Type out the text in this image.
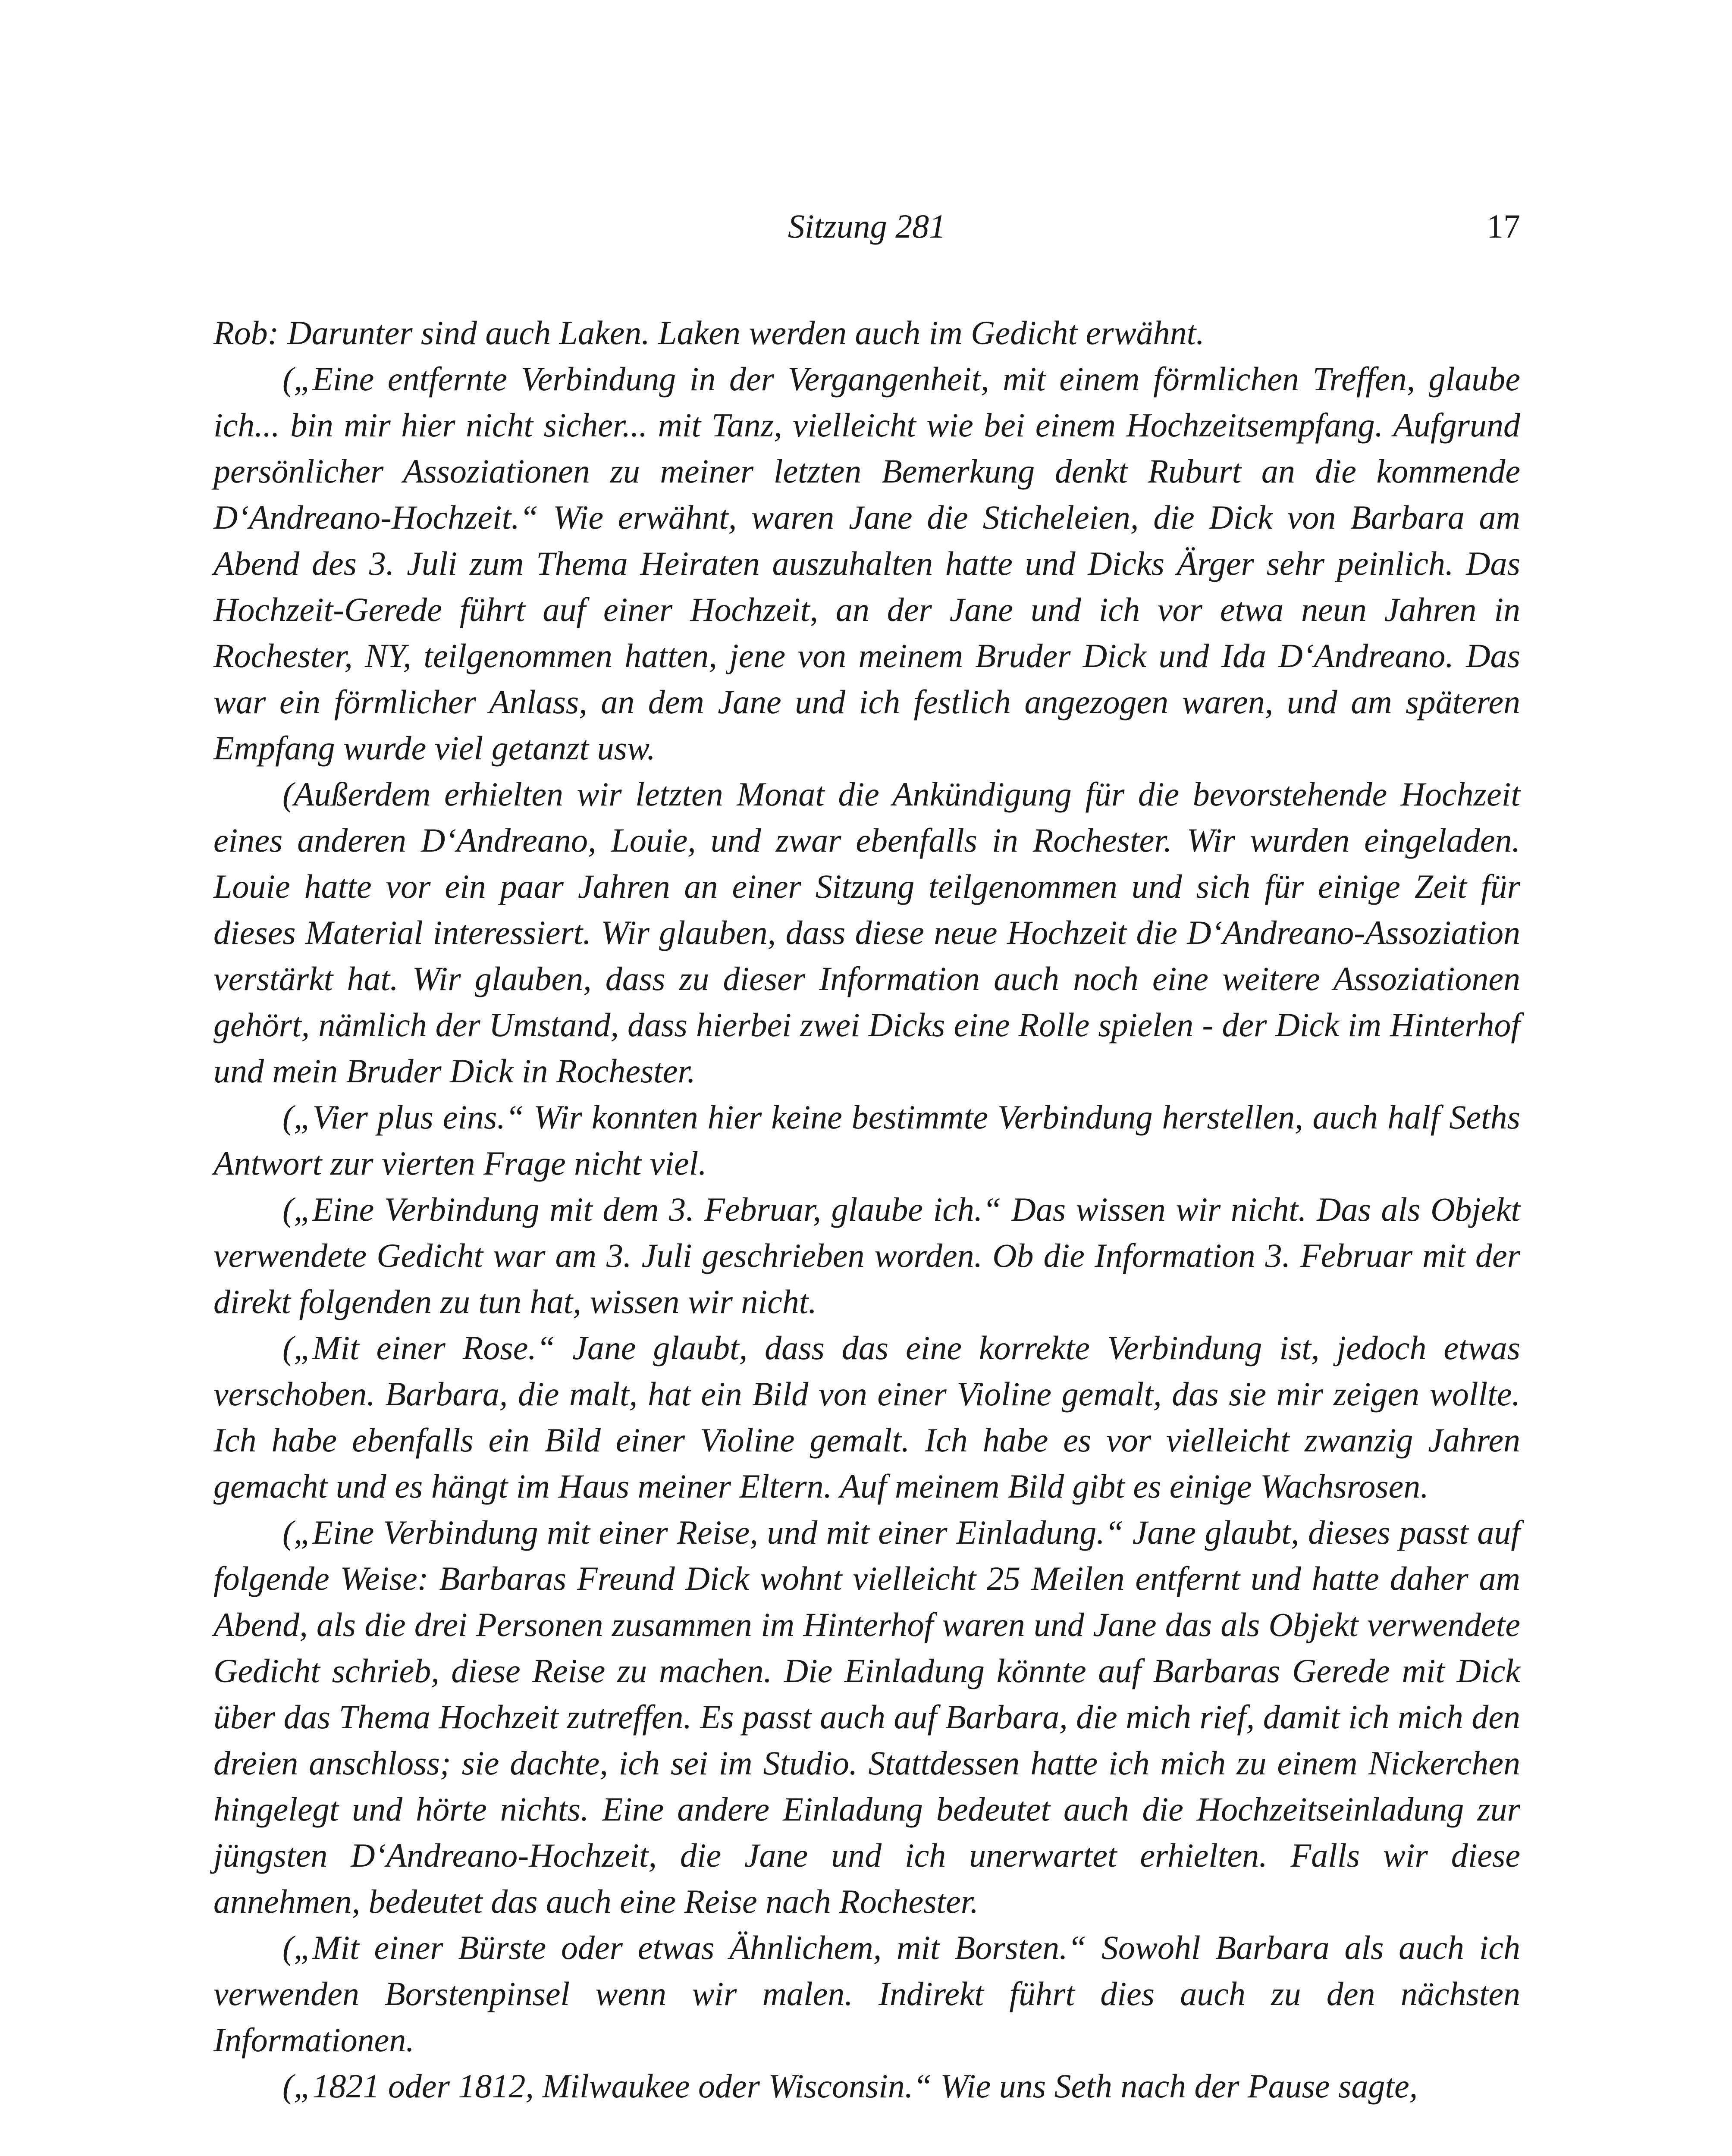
Sitzung 281	17

Rob: Darunter sind auch Laken. Laken werden auch im Gedicht erwähnt.

(„Eine entfernte Verbindung in der Vergangenheit, mit einem förmlichen Treffen, glaube ich... bin mir hier nicht sicher... mit Tanz, vielleicht wie bei einem Hochzeitsempfang. Aufgrund persönlicher Assoziationen zu meiner letzten Bemerkung denkt Ruburt an die kommende D‘Andreano-Hochzeit.“ Wie erwähnt, waren Jane die Sticheleien, die Dick von Barbara am Abend des 3. Juli zum Thema Heiraten auszuhalten hatte und Dicks Ärger sehr peinlich. Das Hochzeit-Gerede führt auf einer Hochzeit, an der Jane und ich vor etwa neun Jahren in Rochester, NY, teilgenommen hatten, jene von meinem Bruder Dick und Ida D‘Andreano. Das war ein förmlicher Anlass, an dem Jane und ich festlich angezogen waren, und am späteren Empfang wurde viel getanzt usw.

(Außerdem erhielten wir letzten Monat die Ankündigung für die bevorstehende Hochzeit eines anderen D‘Andreano, Louie, und zwar ebenfalls in Rochester. Wir wurden eingeladen. Louie hatte vor ein paar Jahren an einer Sitzung teilgenommen und sich für einige Zeit für dieses Material interessiert. Wir glauben, dass diese neue Hochzeit die D‘Andreano-Assoziation verstärkt hat. Wir glauben, dass zu dieser Information auch noch eine weitere Assoziationen gehört, nämlich der Umstand, dass hierbei zwei Dicks eine Rolle spielen - der Dick im Hinterhof und mein Bruder Dick in Rochester.

(„Vier plus eins.“ Wir konnten hier keine bestimmte Verbindung herstellen, auch half Seths Antwort zur vierten Frage nicht viel.

(„Eine Verbindung mit dem 3. Februar, glaube ich.“ Das wissen wir nicht. Das als Objekt verwendete Gedicht war am 3. Juli geschrieben worden. Ob die Information 3. Februar mit der direkt folgenden zu tun hat, wissen wir nicht.

(„Mit einer Rose.“ Jane glaubt, dass das eine korrekte Verbindung ist, jedoch etwas verschoben. Barbara, die malt, hat ein Bild von einer Violine gemalt, das sie mir zeigen wollte. Ich habe ebenfalls ein Bild einer Violine gemalt. Ich habe es vor vielleicht zwanzig Jahren gemacht und es hängt im Haus meiner Eltern. Auf meinem Bild gibt es einige Wachsrosen.

(„Eine Verbindung mit einer Reise, und mit einer Einladung.“ Jane glaubt, dieses passt auf folgende Weise: Barbaras Freund Dick wohnt vielleicht 25 Meilen entfernt und hatte daher am Abend, als die drei Personen zusammen im Hinterhof waren und Jane das als Objekt verwendete Gedicht schrieb, diese Reise zu machen. Die Einladung könnte auf Barbaras Gerede mit Dick über das Thema Hochzeit zutreffen. Es passt auch auf Barbara, die mich rief, damit ich mich den dreien anschloss; sie dachte, ich sei im Studio. Stattdessen hatte ich mich zu einem Nickerchen hingelegt und hörte nichts. Eine andere Einladung bedeutet auch die Hochzeitseinladung zur jüngsten D‘Andreano-Hochzeit, die Jane und ich unerwartet erhielten. Falls wir diese annehmen, bedeutet das auch eine Reise nach Rochester.

(„Mit einer Bürste oder etwas Ähnlichem, mit Borsten.“ Sowohl Barbara als auch ich verwenden Borstenpinsel wenn wir malen. Indirekt führt dies auch zu den nächsten Informationen.

(„1821 oder 1812, Milwaukee oder Wisconsin.“ Wie uns Seth nach der Pause sagte,
